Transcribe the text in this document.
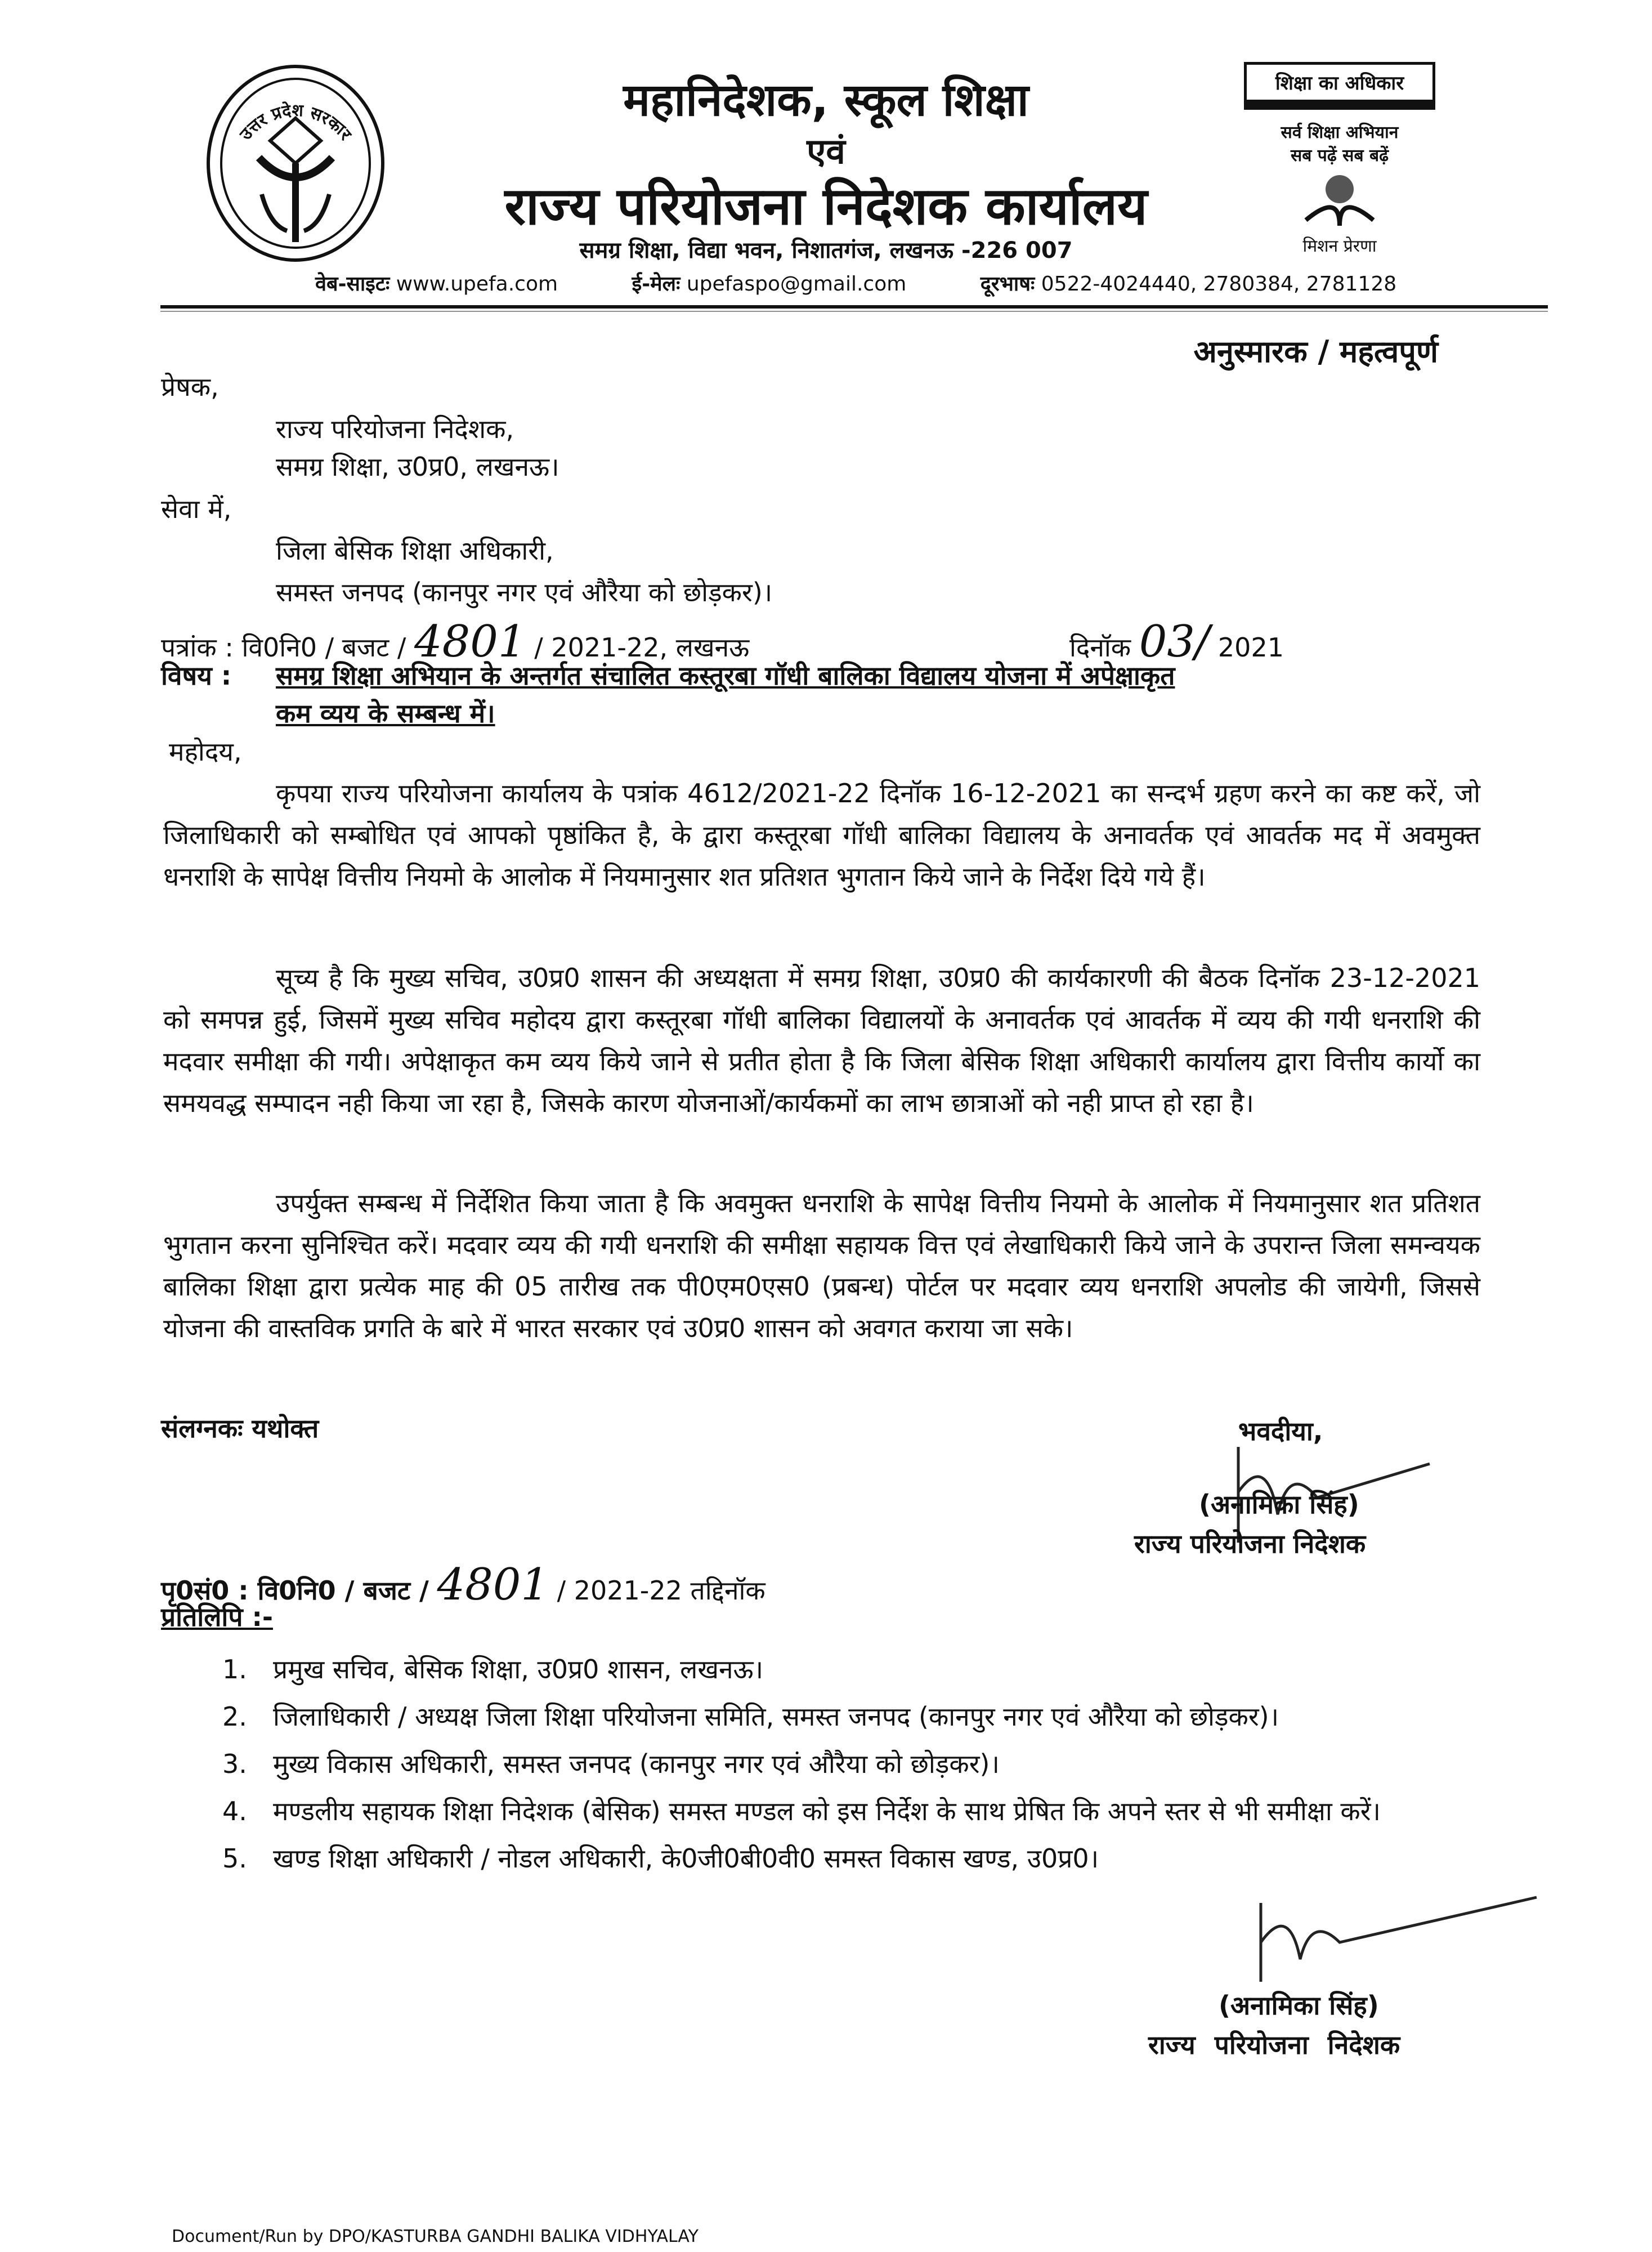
उत्तर प्रदेश सरकार
महानिदेशक, स्कूल शिक्षा
एवं
राज्य परियोजना निदेशक कार्यालय
समग्र शिक्षा, विद्या भवन, निशातगंज, लखनऊ -226 007
शिक्षा का अधिकार
सर्व शिक्षा अभियान
सब पढ़ें सब बढ़ें
मिशन प्रेरणा
वेब-साइटः www.upefa.com	ई-मेलः upefaspo@gmail.com	दूरभाषः 0522-4024440, 2780384, 2781128
अनुस्मारक / महत्वपूर्ण
प्रेषक,
राज्य परियोजना निदेशक,
समग्र शिक्षा, उ0प्र0, लखनऊ।
सेवा में,
जिला बेसिक शिक्षा अधिकारी,
समस्त जनपद (कानपुर नगर एवं औरैया को छोड़कर)।
पत्रांक : वि0नि0 / बजट / 4801 / 2021-22, लखनऊ	दिनॉक 03/ 2021
विषय : समग्र शिक्षा अभियान के अन्तर्गत संचालित कस्तूरबा गॉधी बालिका विद्यालय योजना में अपेक्षाकृत
कम व्यय के सम्बन्ध में।
महोदय,
कृपया राज्य परियोजना कार्यालय के पत्रांक 4612/2021-22 दिनॉक 16-12-2021 का सन्दर्भ ग्रहण करने का कष्ट करें, जो जिलाधिकारी को सम्बोधित एवं आपको पृष्ठांकित है, के द्वारा कस्तूरबा गॉधी बालिका विद्यालय के अनावर्तक एवं आवर्तक मद में अवमुक्त धनराशि के सापेक्ष वित्तीय नियमो के आलोक में नियमानुसार शत प्रतिशत भुगतान किये जाने के निर्देश दिये गये हैं।
सूच्य है कि मुख्य सचिव, उ0प्र0 शासन की अध्यक्षता में समग्र शिक्षा, उ0प्र0 की कार्यकारणी की बैठक दिनॉक 23-12-2021 को समपन्न हुई, जिसमें मुख्य सचिव महोदय द्वारा कस्तूरबा गॉधी बालिका विद्यालयों के अनावर्तक एवं आवर्तक में व्यय की गयी धनराशि की मदवार समीक्षा की गयी। अपेक्षाकृत कम व्यय किये जाने से प्रतीत होता है कि जिला बेसिक शिक्षा अधिकारी कार्यालय द्वारा वित्तीय कार्यो का समयवद्ध सम्पादन नही किया जा रहा है, जिसके कारण योजनाओं/कार्यकमों का लाभ छात्राओं को नही प्राप्त हो रहा है।
उपर्युक्त सम्बन्ध में निर्देशित किया जाता है कि अवमुक्त धनराशि के सापेक्ष वित्तीय नियमो के आलोक में नियमानुसार शत प्रतिशत भुगतान करना सुनिश्चित करें। मदवार व्यय की गयी धनराशि की समीक्षा सहायक वित्त एवं लेखाधिकारी किये जाने के उपरान्त जिला समन्वयक बालिका शिक्षा द्वारा प्रत्येक माह की 05 तारीख तक पी0एम0एस0 (प्रबन्ध) पोर्टल पर मदवार व्यय धनराशि अपलोड की जायेगी, जिससे योजना की वास्तविक प्रगति के बारे में भारत सरकार एवं उ0प्र0 शासन को अवगत कराया जा सके।
संलग्नकः यथोक्त	भवदीया,
(अनामिका सिंह)
राज्य परियोजना निदेशक
पृ0सं0 : वि0नि0 / बजट / 4801 / 2021-22 तद्दिनॉक
प्रतिलिपि :-
1.	प्रमुख सचिव, बेसिक शिक्षा, उ0प्र0 शासन, लखनऊ।
2.	जिलाधिकारी / अध्यक्ष जिला शिक्षा परियोजना समिति, समस्त जनपद (कानपुर नगर एवं औरैया को छोड़कर)।
3.	मुख्य विकास अधिकारी, समस्त जनपद (कानपुर नगर एवं औरैया को छोड़कर)।
4.	मण्डलीय सहायक शिक्षा निदेशक (बेसिक) समस्त मण्डल को इस निर्देश के साथ प्रेषित कि अपने स्तर से भी समीक्षा करें।
5.	खण्ड शिक्षा अधिकारी / नोडल अधिकारी, के0जी0बी0वी0 समस्त विकास खण्ड, उ0प्र0।
(अनामिका सिंह)
राज्य परियोजना निदेशक
Document/Run by DPO/KASTURBA GANDHI BALIKA VIDHYALAY
